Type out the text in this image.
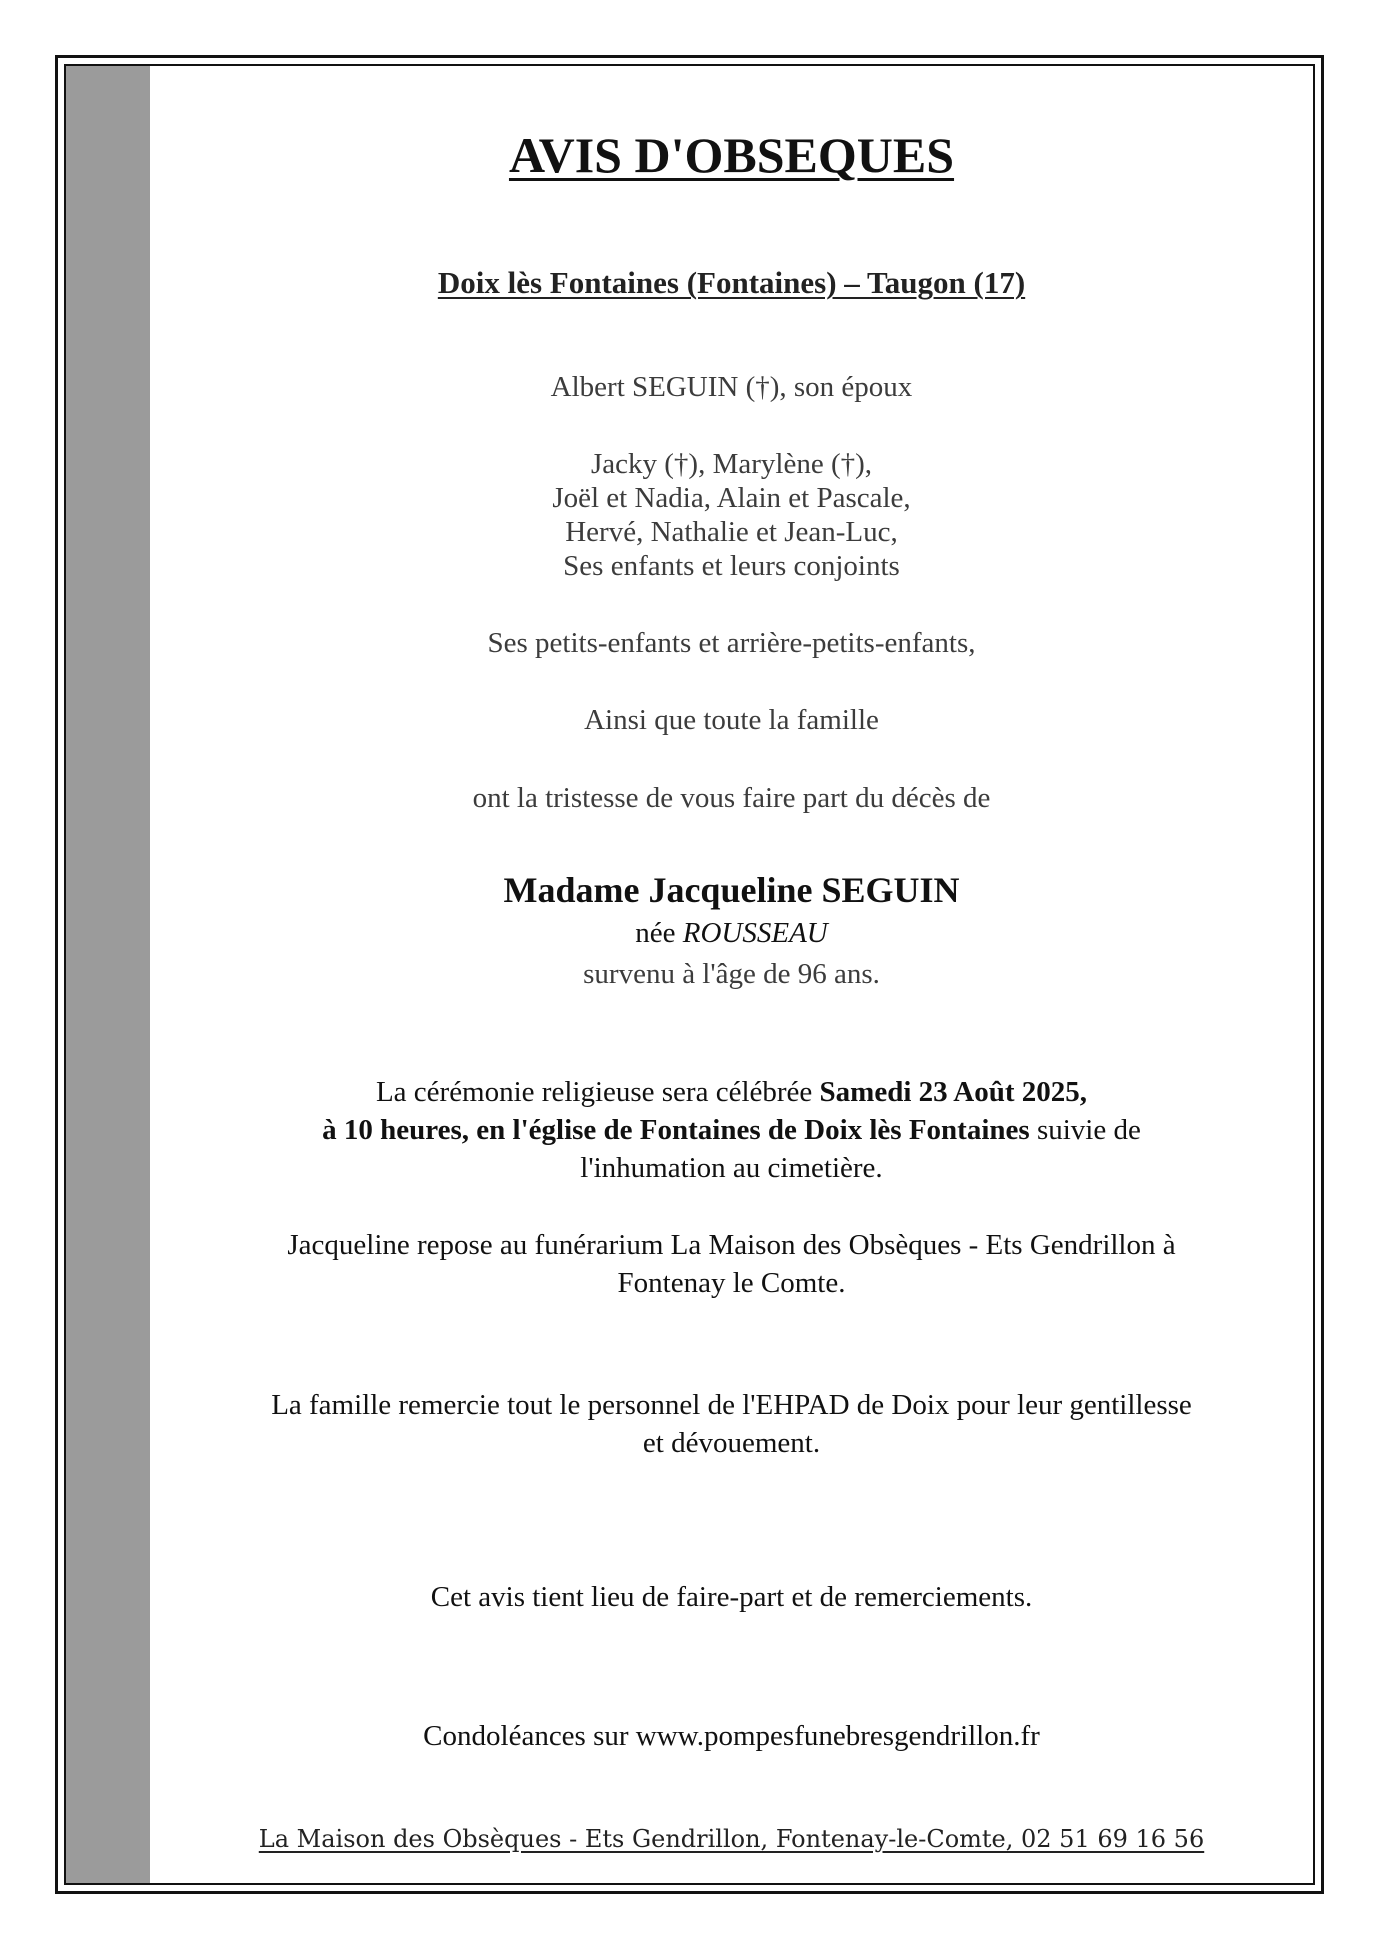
AVIS D'OBSEQUES

Doix lès Fontaines (Fontaines) – Taugon (17)

Albert SEGUIN (†), son époux

Jacky (†), Marylène (†),

Joël et Nadia, Alain et Pascale,

Hervé, Nathalie et Jean-Luc,

Ses enfants et leurs conjoints

Ses petits-enfants et arrière-petits-enfants,

Ainsi que toute la famille

ont la tristesse de vous faire part du décès de

Madame Jacqueline SEGUIN

née ROUSSEAU

survenu à l'âge de 96 ans.

La cérémonie religieuse sera célébrée Samedi 23 Août 2025,

à 10 heures, en l'église de Fontaines de Doix lès Fontaines suivie de

l'inhumation au cimetière.

Jacqueline repose au funérarium La Maison des Obsèques - Ets Gendrillon à

Fontenay le Comte.

La famille remercie tout le personnel de l'EHPAD de Doix pour leur gentillesse

et dévouement.

Cet avis tient lieu de faire-part et de remerciements.

Condoléances sur www.pompesfunebresgendrillon.fr

La Maison des Obsèques - Ets Gendrillon, Fontenay-le-Comte, 02 51 69 16 56
